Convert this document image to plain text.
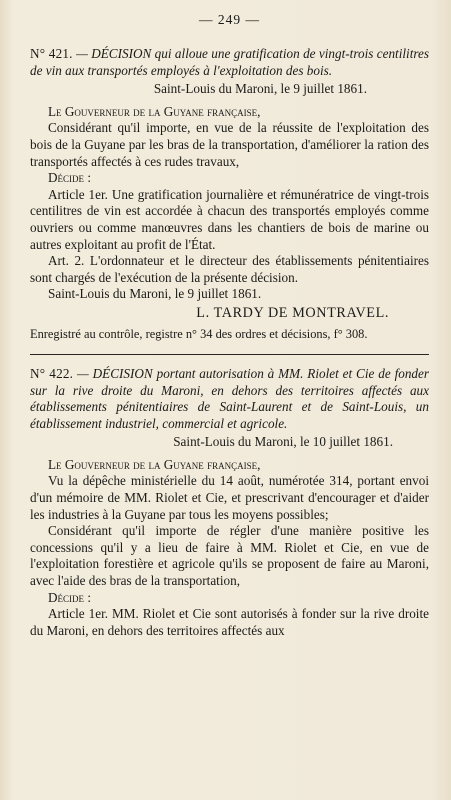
— 249 —

N° 421. — DÉCISION qui alloue une gratification de vingt-trois centilitres de vin aux transportés employés à l'exploitation des bois.

Saint-Louis du Maroni, le 9 juillet 1861.

Le Gouverneur de la Guyane française,

Considérant qu'il importe, en vue de la réussite de l'exploitation des bois de la Guyane par les bras de la transportation, d'améliorer la ration des transportés affectés à ces rudes travaux,

Décide :

Article 1er. Une gratification journalière et rémunératrice de vingt-trois centilitres de vin est accordée à chacun des transportés employés comme ouvriers ou comme manœuvres dans les chantiers de bois de marine ou autres exploitant au profit de l'État.

Art. 2. L'ordonnateur et le directeur des établissements pénitentiaires sont chargés de l'exécution de la présente décision.

Saint-Louis du Maroni, le 9 juillet 1861.

L. TARDY DE MONTRAVEL.

Enregistré au contrôle, registre n° 34 des ordres et décisions, f° 308.

N° 422. — DÉCISION portant autorisation à MM. Riolet et Cie de fonder sur la rive droite du Maroni, en dehors des territoires affectés aux établissements pénitentiaires de Saint-Laurent et de Saint-Louis, un établissement industriel, commercial et agricole.

Saint-Louis du Maroni, le 10 juillet 1861.

Le Gouverneur de la Guyane française,

Vu la dépêche ministérielle du 14 août, numérotée 314, portant envoi d'un mémoire de MM. Riolet et Cie, et prescrivant d'encourager et d'aider les industries à la Guyane par tous les moyens possibles;

Considérant qu'il importe de régler d'une manière positive les concessions qu'il y a lieu de faire à MM. Riolet et Cie, en vue de l'exploitation forestière et agricole qu'ils se proposent de faire au Maroni, avec l'aide des bras de la transportation,

Décide :

Article 1er. MM. Riolet et Cie sont autorisés à fonder sur la rive droite du Maroni, en dehors des territoires affectés aux
